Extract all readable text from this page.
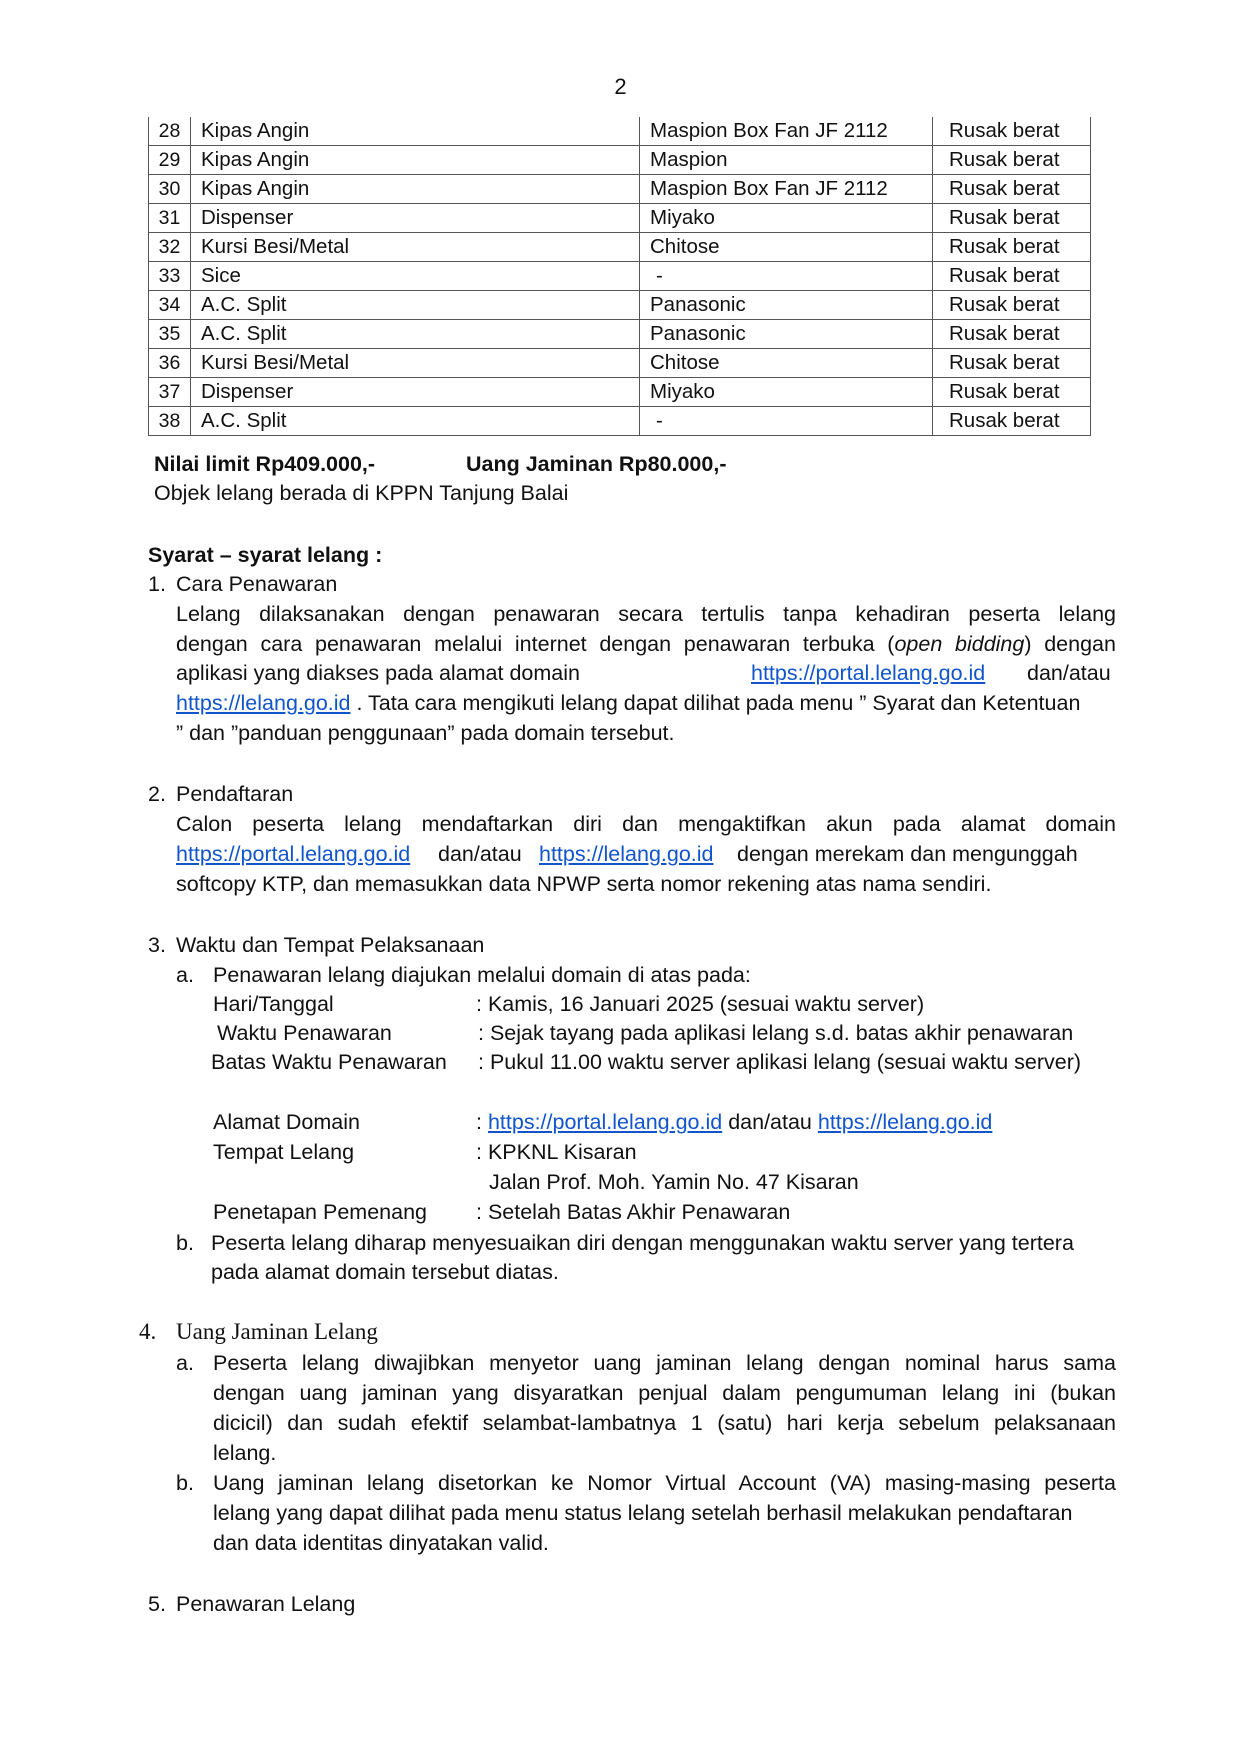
2
28	Kipas Angin	Maspion Box Fan JF 2112	Rusak berat
29	Kipas Angin	Maspion	Rusak berat
30	Kipas Angin	Maspion Box Fan JF 2112	Rusak berat
31	Dispenser	Miyako	Rusak berat
32	Kursi Besi/Metal	Chitose	Rusak berat
33	Sice	-	Rusak berat
34	A.C. Split	Panasonic	Rusak berat
35	A.C. Split	Panasonic	Rusak berat
36	Kursi Besi/Metal	Chitose	Rusak berat
37	Dispenser	Miyako	Rusak berat
38	A.C. Split	-	Rusak berat
Nilai limit Rp409.000,-	Uang Jaminan Rp80.000,-
Objek lelang berada di KPPN Tanjung Balai
Syarat – syarat lelang :
1. Cara Penawaran
Lelang dilaksanakan dengan penawaran secara tertulis tanpa kehadiran peserta lelang
dengan cara penawaran melalui internet dengan penawaran terbuka (open bidding) dengan
aplikasi yang diakses pada alamat domain	https://portal.lelang.go.id dan/atau
https://lelang.go.id . Tata cara mengikuti lelang dapat dilihat pada menu ” Syarat dan Ketentuan
” dan ”panduan penggunaan” pada domain tersebut.
2. Pendaftaran
Calon peserta lelang mendaftarkan diri dan mengaktifkan akun pada alamat domain
https://portal.lelang.go.id dan/atau https://lelang.go.id dengan merekam dan mengunggah
softcopy KTP, dan memasukkan data NPWP serta nomor rekening atas nama sendiri.
3. Waktu dan Tempat Pelaksanaan
a. Penawaran lelang diajukan melalui domain di atas pada:
Hari/Tanggal	: Kamis, 16 Januari 2025 (sesuai waktu server)
Waktu Penawaran	: Sejak tayang pada aplikasi lelang s.d. batas akhir penawaran
Batas Waktu Penawaran : Pukul 11.00 waktu server aplikasi lelang (sesuai waktu server)
Alamat Domain	: https://portal.lelang.go.id dan/atau https://lelang.go.id
Tempat Lelang	: KPKNL Kisaran
Jalan Prof. Moh. Yamin No. 47 Kisaran
Penetapan Pemenang : Setelah Batas Akhir Penawaran
b. Peserta lelang diharap menyesuaikan diri dengan menggunakan waktu server yang tertera
pada alamat domain tersebut diatas.
4. Uang Jaminan Lelang
a. Peserta lelang diwajibkan menyetor uang jaminan lelang dengan nominal harus sama
dengan uang jaminan yang disyaratkan penjual dalam pengumuman lelang ini (bukan
dicicil) dan sudah efektif selambat-lambatnya 1 (satu) hari kerja sebelum pelaksanaan
lelang.
b. Uang jaminan lelang disetorkan ke Nomor Virtual Account (VA) masing-masing peserta
lelang yang dapat dilihat pada menu status lelang setelah berhasil melakukan pendaftaran
dan data identitas dinyatakan valid.
5. Penawaran Lelang
